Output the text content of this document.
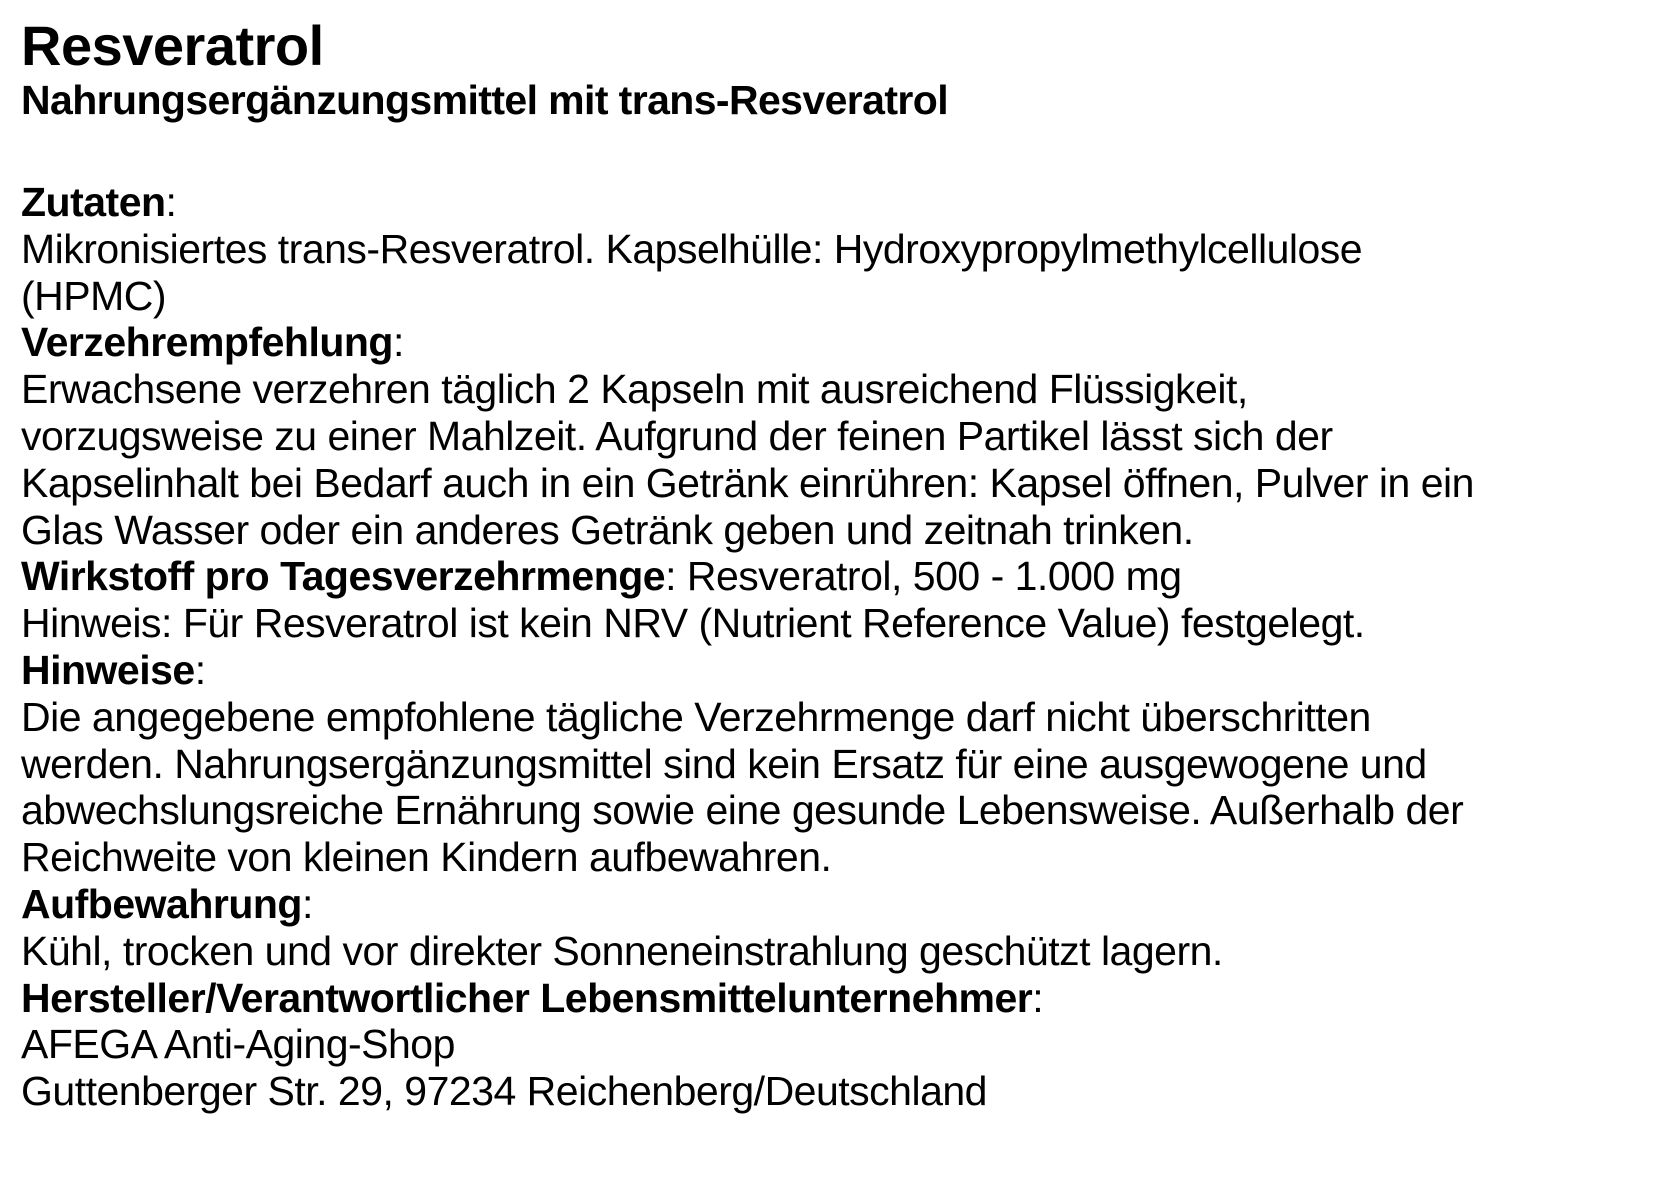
Resveratrol
Nahrungsergänzungsmittel mit trans-Resveratrol
Zutaten:
Mikronisiertes trans-Resveratrol. Kapselhülle: Hydroxypropylmethylcellulose
(HPMC)
Verzehrempfehlung:
Erwachsene verzehren täglich 2 Kapseln mit ausreichend Flüssigkeit,
vorzugsweise zu einer Mahlzeit. Aufgrund der feinen Partikel lässt sich der
Kapselinhalt bei Bedarf auch in ein Getränk einrühren: Kapsel öffnen, Pulver in ein
Glas Wasser oder ein anderes Getränk geben und zeitnah trinken.
Wirkstoff pro Tagesverzehrmenge: Resveratrol, 500 - 1.000 mg
Hinweis: Für Resveratrol ist kein NRV (Nutrient Reference Value) festgelegt.
Hinweise:
Die angegebene empfohlene tägliche Verzehrmenge darf nicht überschritten
werden. Nahrungsergänzungsmittel sind kein Ersatz für eine ausgewogene und
abwechslungsreiche Ernährung sowie eine gesunde Lebensweise. Außerhalb der
Reichweite von kleinen Kindern aufbewahren.
Aufbewahrung:
Kühl, trocken und vor direkter Sonneneinstrahlung geschützt lagern.
Hersteller/Verantwortlicher Lebensmittelunternehmer:
AFEGA Anti-Aging-Shop
Guttenberger Str. 29, 97234 Reichenberg/Deutschland
